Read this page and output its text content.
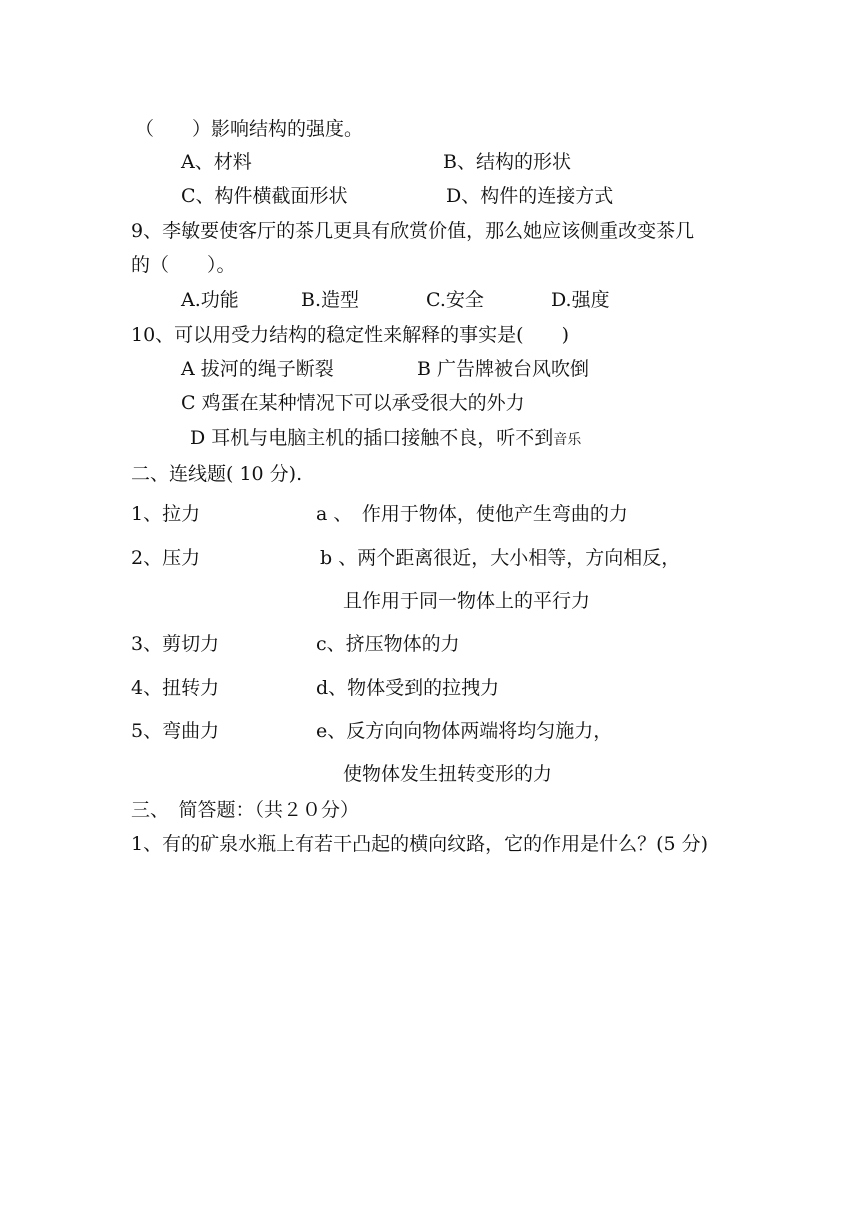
（　　）影响结构的强度。
A、材料	B、结构的形状
C、构件横截面形状	D、构件的连接方式
9、李敏要使客厅的茶几更具有欣赏价值，那么她应该侧重改变茶几
的（　　）。
A.功能	B.造型	C.安全	D.强度
10、可以用受力结构的稳定性来解释的事实是(　　)
A 拔河的绳子断裂	B 广告牌被台风吹倒
C 鸡蛋在某种情况下可以承受很大的外力
D 耳机与电脑主机的插口接触不良，听不到音乐
二、连线题( 10 分).
1、拉力	a 、　作用于物体，使他产生弯曲的力
2、压力	b 、两个距离很近，大小相等，方向相反，
且作用于同一物体上的平行力
3、剪切力	c、挤压物体的力
4、扭转力	d、物体受到的拉拽力
5、弯曲力	e、反方向向物体两端将均匀施力，
使物体发生扭转变形的力
三、　简答题：（共２０分）
1、有的矿泉水瓶上有若干凸起的横向纹路，它的作用是什么？(5 分)
